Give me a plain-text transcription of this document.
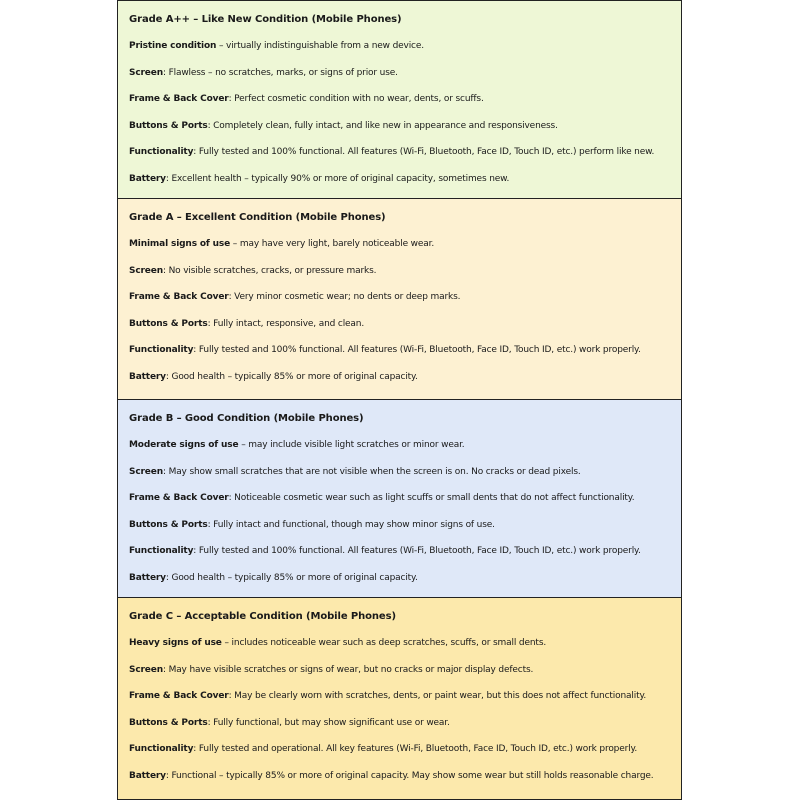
Grade A++ – Like New Condition (Mobile Phones)
Pristine condition – virtually indistinguishable from a new device.
Screen: Flawless – no scratches, marks, or signs of prior use.
Frame & Back Cover: Perfect cosmetic condition with no wear, dents, or scuffs.
Buttons & Ports: Completely clean, fully intact, and like new in appearance and responsiveness.
Functionality: Fully tested and 100% functional. All features (Wi-Fi, Bluetooth, Face ID, Touch ID, etc.) perform like new.
Battery: Excellent health – typically 90% or more of original capacity, sometimes new.
Grade A – Excellent Condition (Mobile Phones)
Minimal signs of use – may have very light, barely noticeable wear.
Screen: No visible scratches, cracks, or pressure marks.
Frame & Back Cover: Very minor cosmetic wear; no dents or deep marks.
Buttons & Ports: Fully intact, responsive, and clean.
Functionality: Fully tested and 100% functional. All features (Wi-Fi, Bluetooth, Face ID, Touch ID, etc.) work properly.
Battery: Good health – typically 85% or more of original capacity.
Grade B – Good Condition (Mobile Phones)
Moderate signs of use – may include visible light scratches or minor wear.
Screen: May show small scratches that are not visible when the screen is on. No cracks or dead pixels.
Frame & Back Cover: Noticeable cosmetic wear such as light scuffs or small dents that do not affect functionality.
Buttons & Ports: Fully intact and functional, though may show minor signs of use.
Functionality: Fully tested and 100% functional. All features (Wi-Fi, Bluetooth, Face ID, Touch ID, etc.) work properly.
Battery: Good health – typically 85% or more of original capacity.
Grade C – Acceptable Condition (Mobile Phones)
Heavy signs of use – includes noticeable wear such as deep scratches, scuffs, or small dents.
Screen: May have visible scratches or signs of wear, but no cracks or major display defects.
Frame & Back Cover: May be clearly worn with scratches, dents, or paint wear, but this does not affect functionality.
Buttons & Ports: Fully functional, but may show significant use or wear.
Functionality: Fully tested and operational. All key features (Wi-Fi, Bluetooth, Face ID, Touch ID, etc.) work properly.
Battery: Functional – typically 85% or more of original capacity. May show some wear but still holds reasonable charge.
